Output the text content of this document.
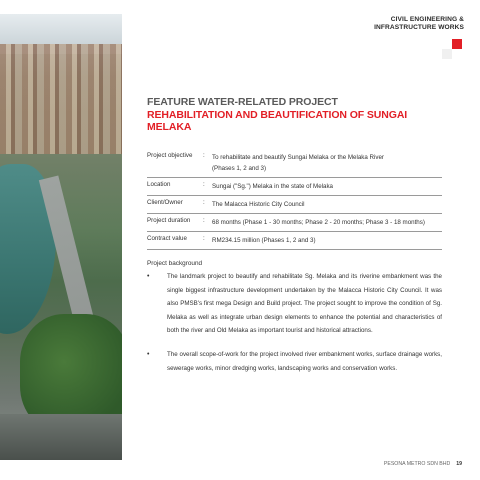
CIVIL ENGINEERING &
INFRASTRUCTURE WORKS
FEATURE WATER-RELATED PROJECT
REHABILITATION AND BEAUTIFICATION OF SUNGAI MELAKA
Project objective	:	To rehabilitate and beautify Sungai Melaka or the Melaka River
(Phases 1, 2 and 3)
Location	:	Sungai ("Sg.") Melaka in the state of Melaka
Client/Owner	:	The Malacca Historic City Council
Project duration	:	68 months (Phase 1 - 30 months; Phase 2 - 20 months; Phase 3 - 18 months)
Contract value	:	RM234.15 million (Phases 1, 2 and 3)
Project background
•	The landmark project to beautify and rehabilitate Sg. Melaka and its riverine embankment was the single biggest infrastructure development undertaken by the Malacca Historic City Council. It was also PMSB's first mega Design and Build project. The project sought to improve the condition of Sg. Melaka as well as integrate urban design elements to enhance the potential and characteristics of both the river and Old Melaka as important tourist and historical attractions.
•	The overall scope-of-work for the project involved river embankment works, surface drainage works, sewerage works, minor dredging works, landscaping works and conservation works.
PESONA METRO SDN BHD 19
